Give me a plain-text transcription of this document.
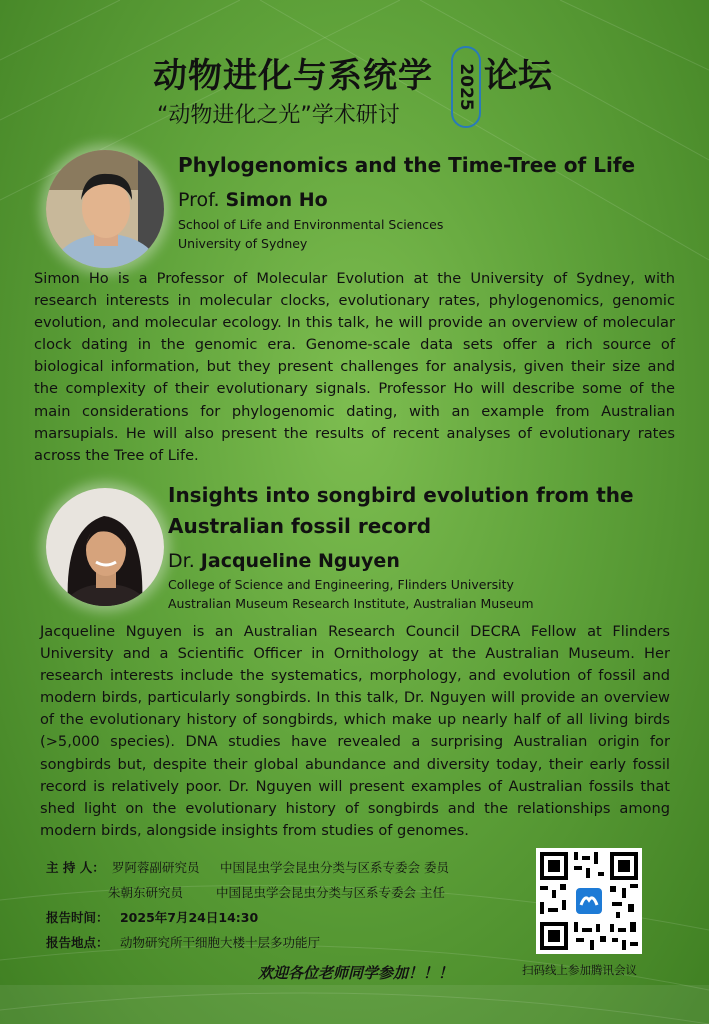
动物进化与系统学 2025 论坛
“动物进化之光”学术研讨
Phylogenomics and the Time-Tree of Life
Prof. Simon Ho
School of Life and Environmental Sciences
University of Sydney
Simon Ho is a Professor of Molecular Evolution at the University of Sydney, with research interests in molecular clocks, evolutionary rates, phylogenomics, genomic evolution, and molecular ecology. In this talk, he will provide an overview of molecular clock dating in the genomic era. Genome-scale data sets offer a rich source of biological information, but they present challenges for analysis, given their size and the complexity of their evolutionary signals. Professor Ho will describe some of the main considerations for phylogenomic dating, with an example from Australian marsupials. He will also present the results of recent analyses of evolutionary rates across the Tree of Life.
Insights into songbird evolution from the
Australian fossil record
Dr. Jacqueline Nguyen
College of Science and Engineering, Flinders University
Australian Museum Research Institute, Australian Museum
Jacqueline Nguyen is an Australian Research Council DECRA Fellow at Flinders University and a Scientific Officer in Ornithology at the Australian Museum. Her research interests include the systematics, morphology, and evolution of fossil and modern birds, particularly songbirds. In this talk, Dr. Nguyen will provide an overview of the evolutionary history of songbirds, which make up nearly half of all living birds (>5,000 species). DNA studies have revealed a surprising Australian origin for songbirds but, despite their global abundance and diversity today, their early fossil record is relatively poor. Dr. Nguyen will present examples of Australian fossils that shed light on the evolutionary history of songbirds and the relationships among modern birds, alongside insights from studies of genomes.
主 持 人： 罗阿蓉副研究员 中国昆虫学会昆虫分类与区系专委会 委员
朱朝东研究员	中国昆虫学会昆虫分类与区系专委会 主任
报告时间： 2025年7月24日14:30
报告地点： 动物研究所干细胞大楼十层多功能厅
欢迎各位老师同学参加！！！	扫码线上参加腾讯会议
